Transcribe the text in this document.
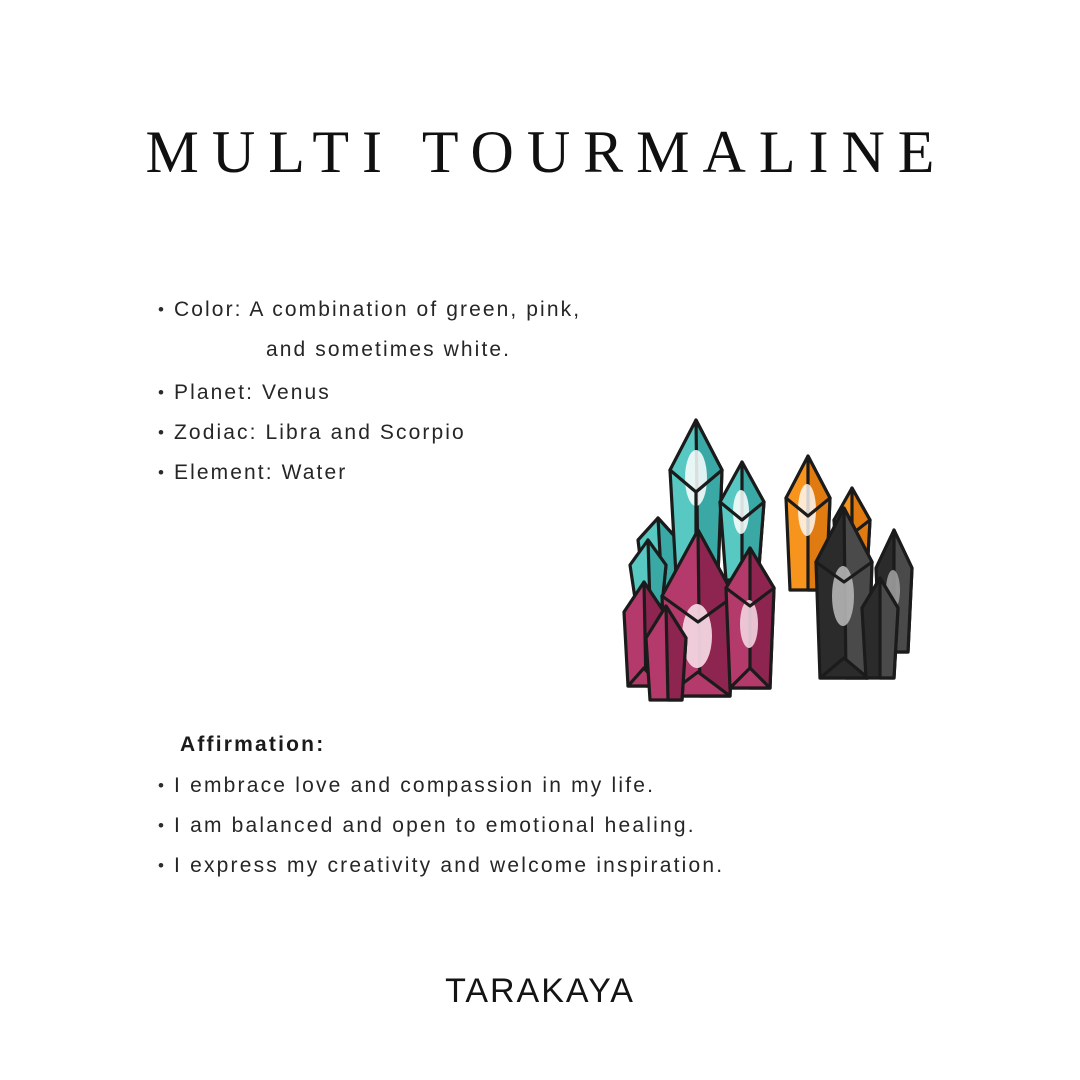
MULTI TOURMALINE
• Color: A combination of green, pink,
and sometimes white.
• Planet: Venus
• Zodiac: Libra and Scorpio
• Element: Water
Affirmation:
• I embrace love and compassion in my life.
• I am balanced and open to emotional healing.
• I express my creativity and welcome inspiration.
TARAKAYA
